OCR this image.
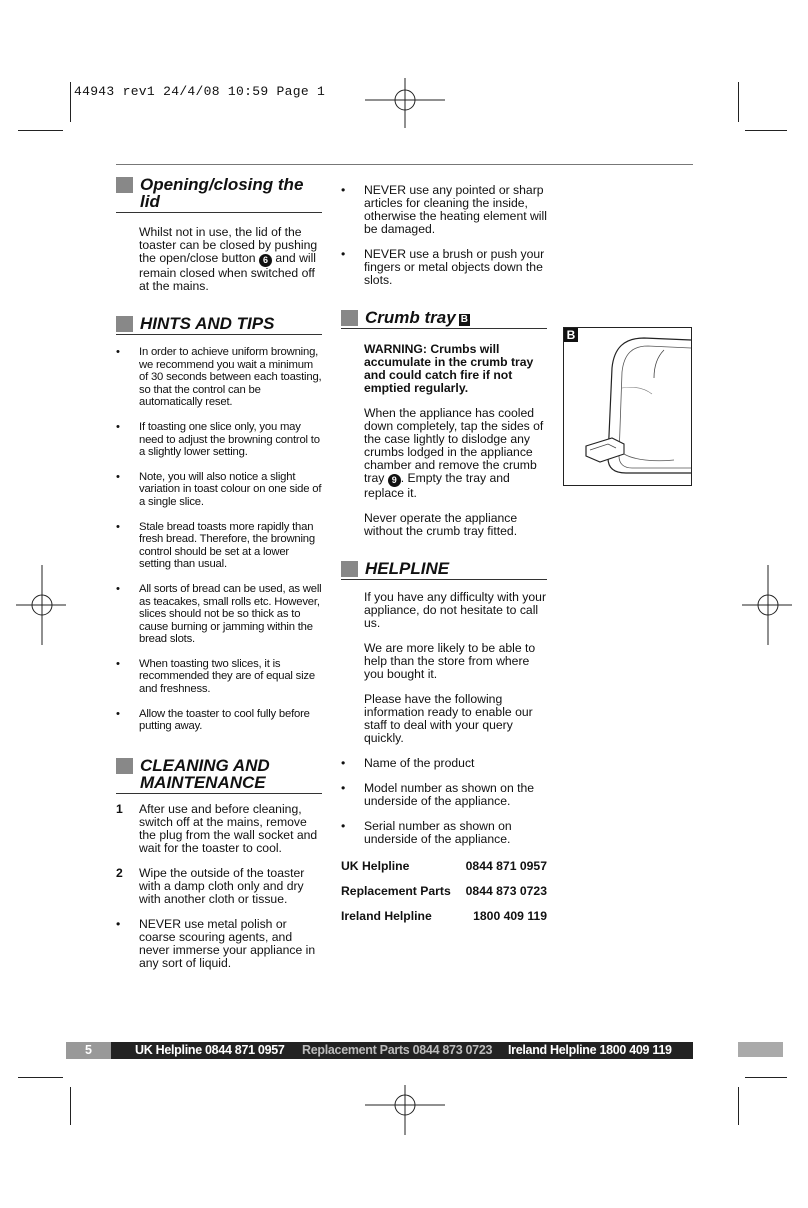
44943 rev1 24/4/08 10:59 Page 1
Opening/closing the lid

Whilst not in use, the lid of the toaster can be closed by pushing the open/close button 6 and will remain closed when switched off at the mains.

HINTS AND TIPS
• In order to achieve uniform browning, we recommend you wait a minimum of 30 seconds between each toasting, so that the control can be automatically reset.
• If toasting one slice only, you may need to adjust the browning control to a slightly lower setting.
• Note, you will also notice a slight variation in toast colour on one side of a single slice.
• Stale bread toasts more rapidly than fresh bread. Therefore, the browning control should be set at a lower setting than usual.
• All sorts of bread can be used, as well as teacakes, small rolls etc. However, slices should not be so thick as to cause burning or jamming within the bread slots.
• When toasting two slices, it is recommended they are of equal size and freshness.
• Allow the toaster to cool fully before putting away.
CLEANING AND MAINTENANCE
1 After use and before cleaning, switch off at the mains, remove the plug from the wall socket and wait for the toaster to cool.
2 Wipe the outside of the toaster with a damp cloth only and dry with another cloth or tissue.
• NEVER use metal polish or coarse scouring agents, and never immerse your appliance in any sort of liquid.
• NEVER use any pointed or sharp articles for cleaning the inside, otherwise the heating element will be damaged.
• NEVER use a brush or push your fingers or metal objects down the slots.
Crumb tray B

WARNING: Crumbs will accumulate in the crumb tray and could catch fire if not emptied regularly.

When the appliance has cooled down completely, tap the sides of the case lightly to dislodge any crumbs lodged in the appliance chamber and remove the crumb tray 9 . Empty the tray and replace it.

Never operate the appliance without the crumb tray fitted.

HELPLINE

If you have any difficulty with your appliance, do not hesitate to call us.

We are more likely to be able to help than the store from where you bought it.

Please have the following information ready to enable our staff to deal with your query quickly.

• Name of the product
• Model number as shown on the underside of the appliance.
• Serial number as shown on underside of the appliance.
UK Helpline	0844 871 0957
Replacement Parts 0844 873 0723
Ireland Helpline	1800 409 119
B
5	UK Helpline 0844 871 0957 Replacement Parts 0844 873 0723 Ireland Helpline 1800 409 119
